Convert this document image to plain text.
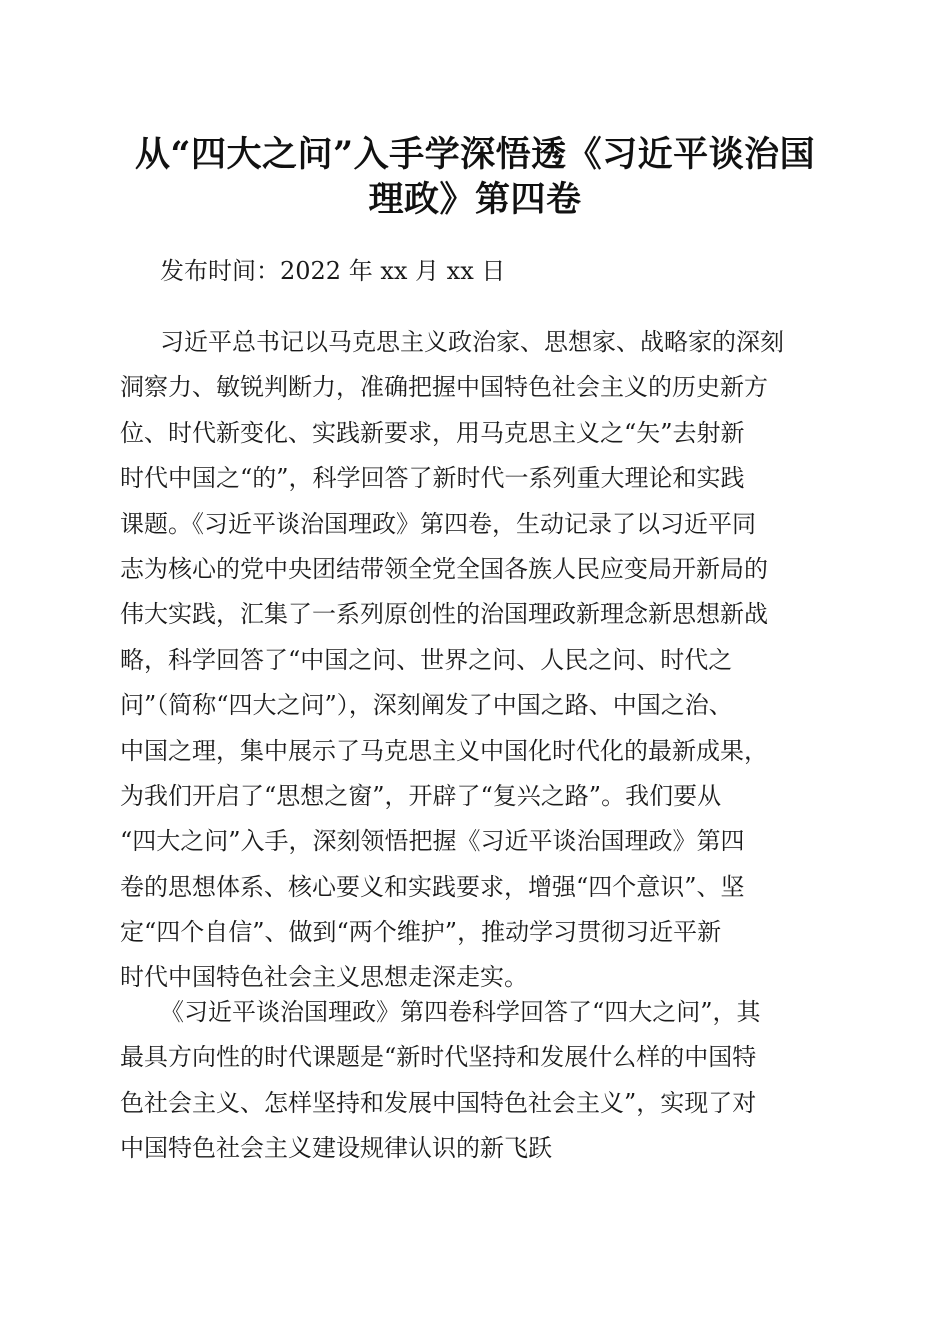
从“四大之问”入手学深悟透《习近平谈治国
理政》第四卷
发布时间：2022 年 xx 月 xx 日
习近平总书记以马克思主义政治家、思想家、战略家的深刻
洞察力、敏锐判断力，准确把握中国特色社会主义的历史新方
位、时代新变化、实践新要求，用马克思主义之“矢”去射新
时代中国之“的”，科学回答了新时代一系列重大理论和实践
课题。《习近平谈治国理政》第四卷，生动记录了以习近平同
志为核心的党中央团结带领全党全国各族人民应变局开新局的
伟大实践，汇集了一系列原创性的治国理政新理念新思想新战
略，科学回答了“中国之问、世界之问、人民之问、时代之
问”（简称“四大之问”），深刻阐发了中国之路、中国之治、
中国之理，集中展示了马克思主义中国化时代化的最新成果，
为我们开启了“思想之窗”，开辟了“复兴之路”。我们要从
“四大之问”入手，深刻领悟把握《习近平谈治国理政》第四
卷的思想体系、核心要义和实践要求，增强“四个意识”、坚
定“四个自信”、做到“两个维护”，推动学习贯彻习近平新
时代中国特色社会主义思想走深走实。
《习近平谈治国理政》第四卷科学回答了“四大之问”，其
最具方向性的时代课题是“新时代坚持和发展什么样的中国特
色社会主义、怎样坚持和发展中国特色社会主义”，实现了对
中国特色社会主义建设规律认识的新飞跃
